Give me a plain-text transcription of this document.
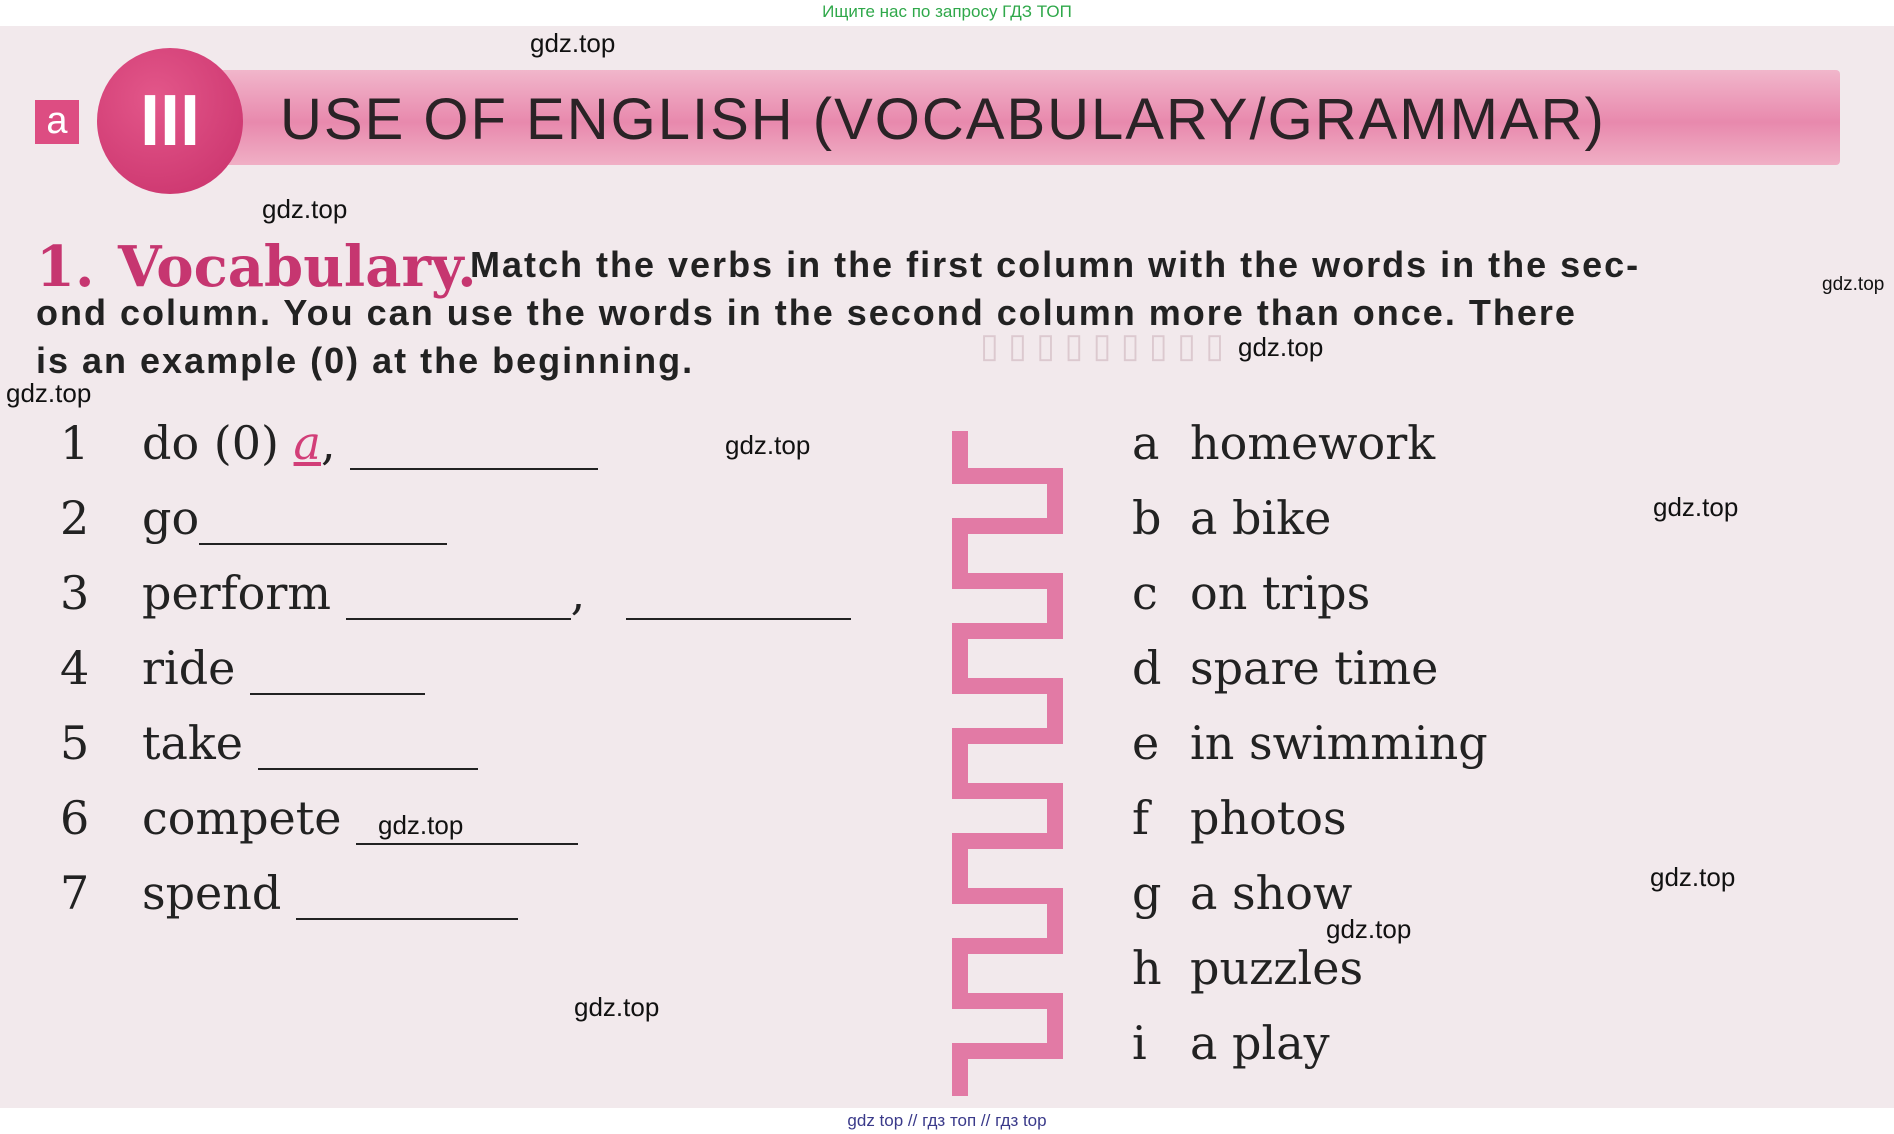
Ищите нас по запросу ГДЗ ТОП
▯ ▯ ▯ ▯ ▯ ▯ ▯ ▯ ▯
III
a	USE OF ENGLISH (VOCABULARY/GRAMMAR)
1. Vocabulary.
Match the verbs in the first column with the words in the sec-
ond column. You can use the words in the second column more than once. There
is an example (0) at the beginning.
1 do (0) a,
2 go
3 perform	,
4 ride
5 take
6 compete
7 spend
a homework
b a bike
c on trips
d spare time
e in swimming
f photos
g a show
h puzzles
i a play
gdz.top
gdz.top
gdz.top
gdz.top
gdz.top
gdz.top
gdz.top
gdz.top
gdz.top
gdz.top
gdz.top
gdz top // гдз топ // гдз top
